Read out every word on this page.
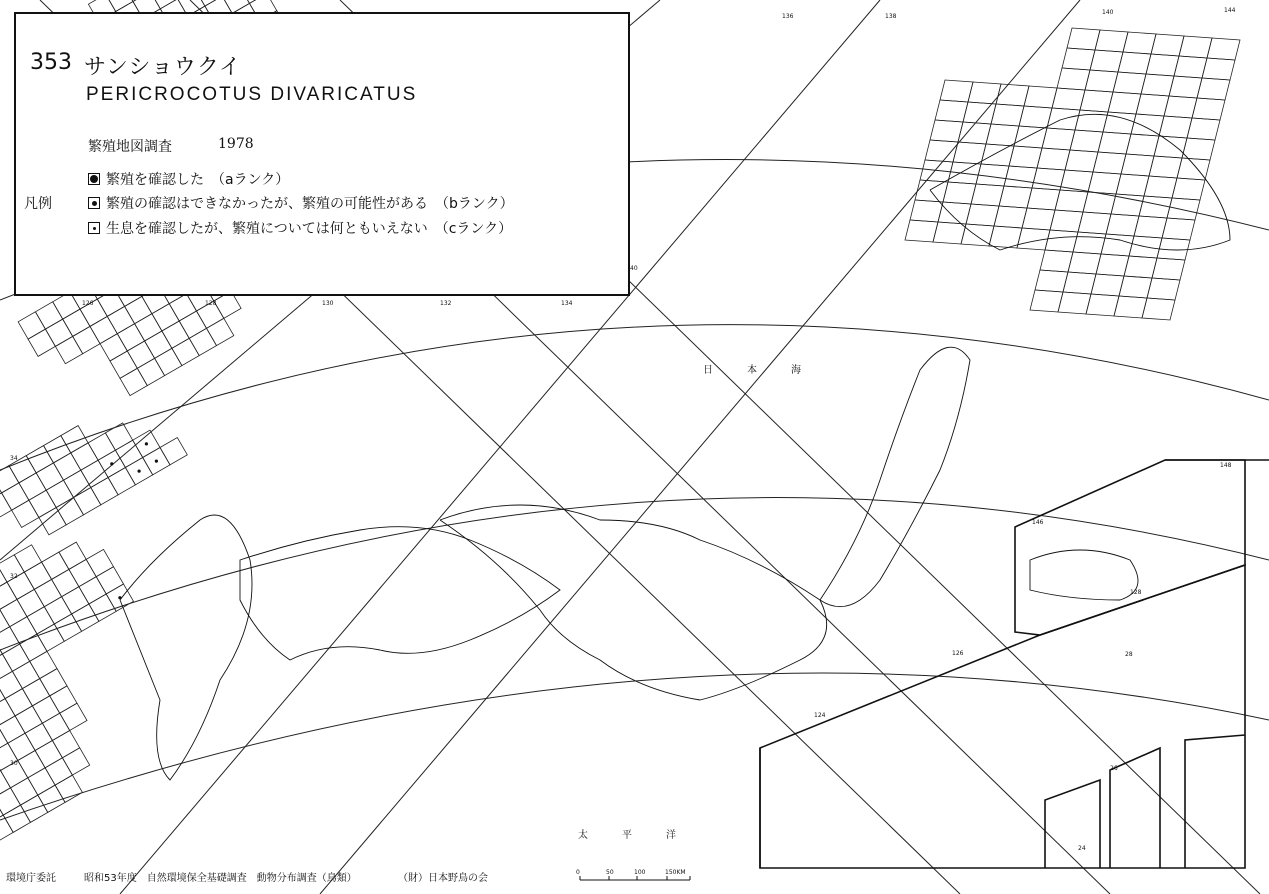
126	128	130	132	134
136	138
140	144
30
32
34
40
146
148
124
126
128
24
26
28
353 サンショウクイ
PERICROCOTUS DIVARICATUS
繁殖地図調査	1978
凡例
繁殖を確認した　（aランク）
繁殖の確認はできなかったが、繁殖の可能性がある　（bランク）
生息を確認したが、繁殖については何ともいえない　（cランク）
日本海
太平洋
環境庁委託	昭和53年度　自然環境保全基礎調査　動物分布調査（鳥類）	（財）日本野鳥の会
0	50	100	150KM
